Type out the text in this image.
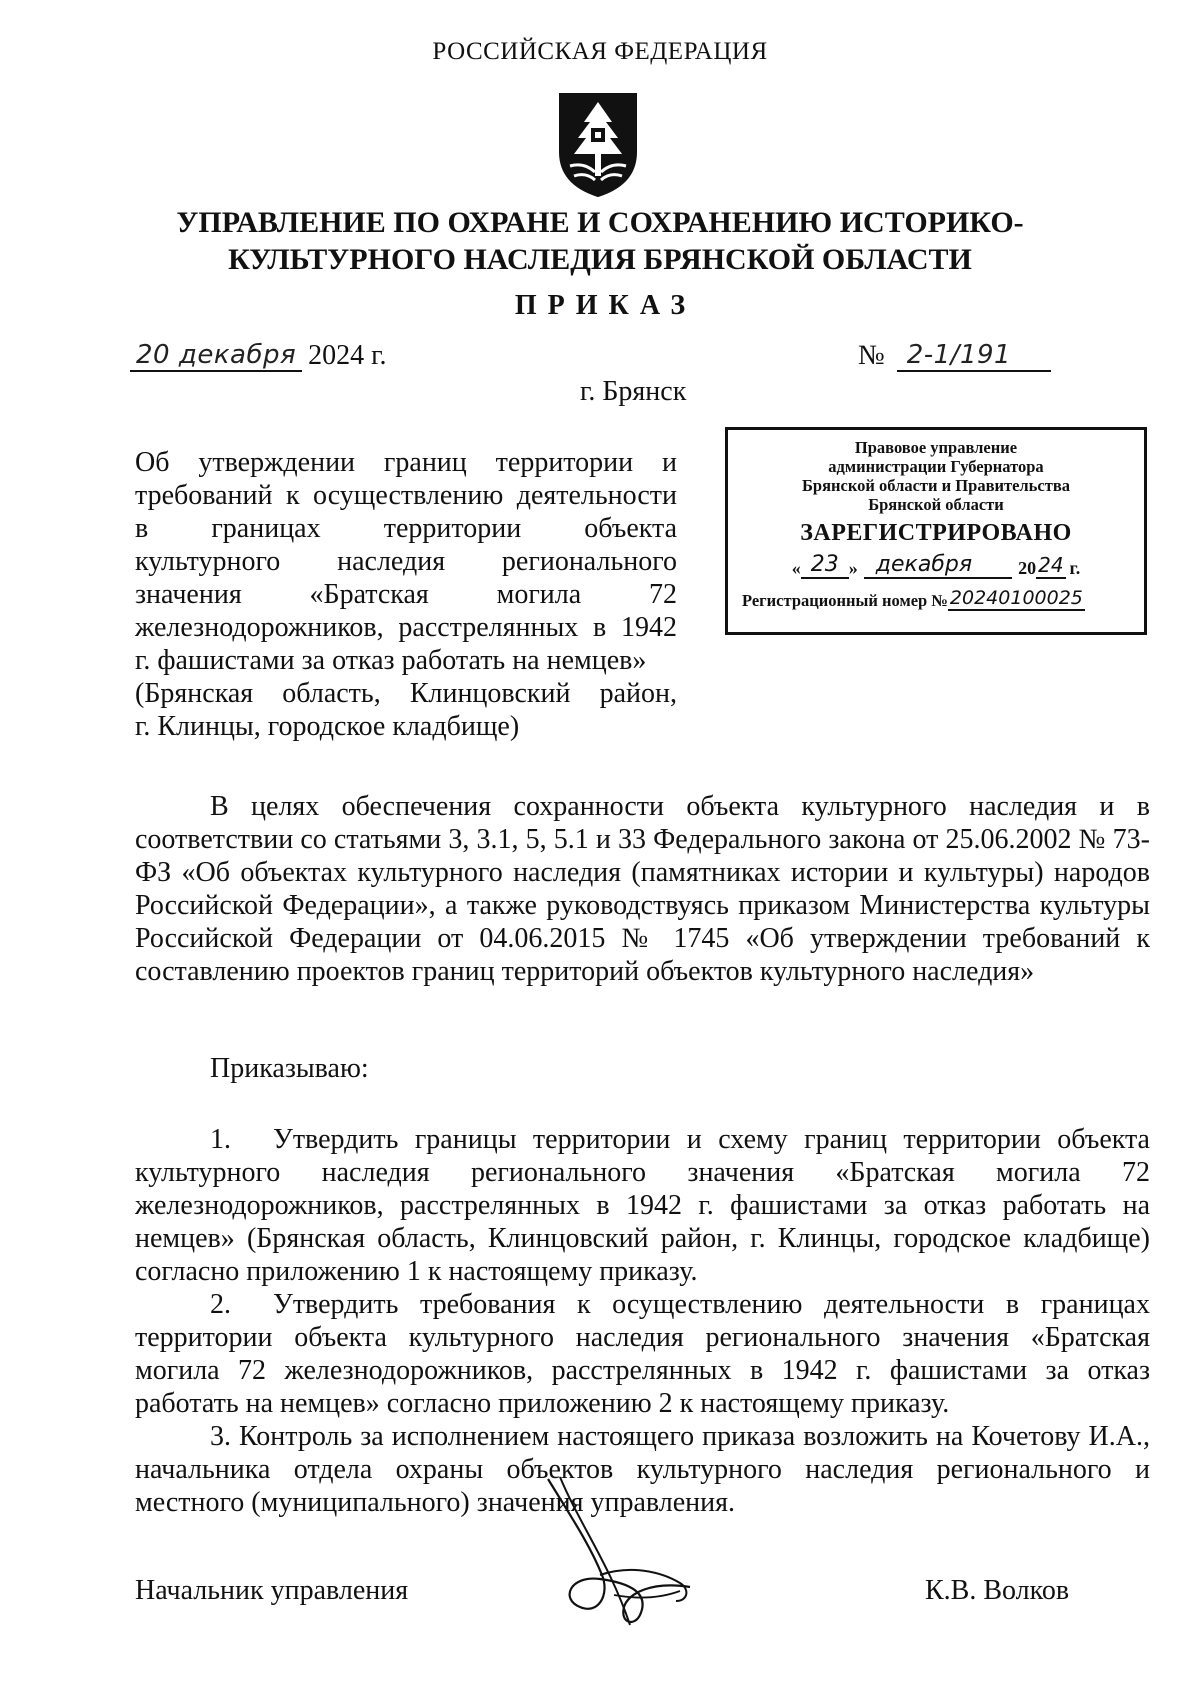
РОССИЙСКАЯ ФЕДЕРАЦИЯ
УПРАВЛЕНИЕ ПО ОХРАНЕ И СОХРАНЕНИЮ ИСТОРИКО-
КУЛЬТУРНОГО НАСЛЕДИЯ БРЯНСКОЙ ОБЛАСТИ
ПРИКАЗ
20 декабря 2024 г.	№ 2-1/191
г. Брянск

Об утверждении границ территории и

требований к осуществлению деятельности

в границах территории объекта

культурного наследия регионального

значения «Братская могила 72

железнодорожников, расстрелянных в 1942

г. фашистами за отказ работать на немцев»

(Брянская область, Клинцовский район,

г. Клинцы, городское кладбище)

Правовое управление
администрации Губернатора
Брянской области и Правительства
Брянской области
ЗАРЕГИСТРИРОВАНО
« 23 » декабря	20 24 г.
Регистрационный номер № 20240100025

В целях обеспечения сохранности объекта культурного наследия и в соответствии со статьями 3, 3.1, 5, 5.1 и 33 Федерального закона от 25.06.2002 № 73-ФЗ «Об объектах культурного наследия (памятниках истории и культуры) народов Российской Федерации», а также руководствуясь приказом Министерства культуры Российской Федерации от 04.06.2015 № 1745 «Об утверждении требований к составлению проектов границ территорий объектов культурного наследия»

Приказываю:

1.  Утвердить границы территории и схему границ территории объекта культурного наследия регионального значения «Братская могила 72 железнодорожников, расстрелянных в 1942 г. фашистами за отказ работать на немцев» (Брянская область, Клинцовский район, г. Клинцы, городское кладбище) согласно приложению 1 к настоящему приказу.

2.  Утвердить требования к осуществлению деятельности в границах территории объекта культурного наследия регионального значения «Братская могила 72 железнодорожников, расстрелянных в 1942 г. фашистами за отказ работать на немцев» согласно приложению 2 к настоящему приказу.

3. Контроль за исполнением настоящего приказа возложить на Кочетову И.А., начальника отдела охраны объектов культурного наследия регионального и местного (муниципального) значения управления.

Начальник управления	К.В. Волков
